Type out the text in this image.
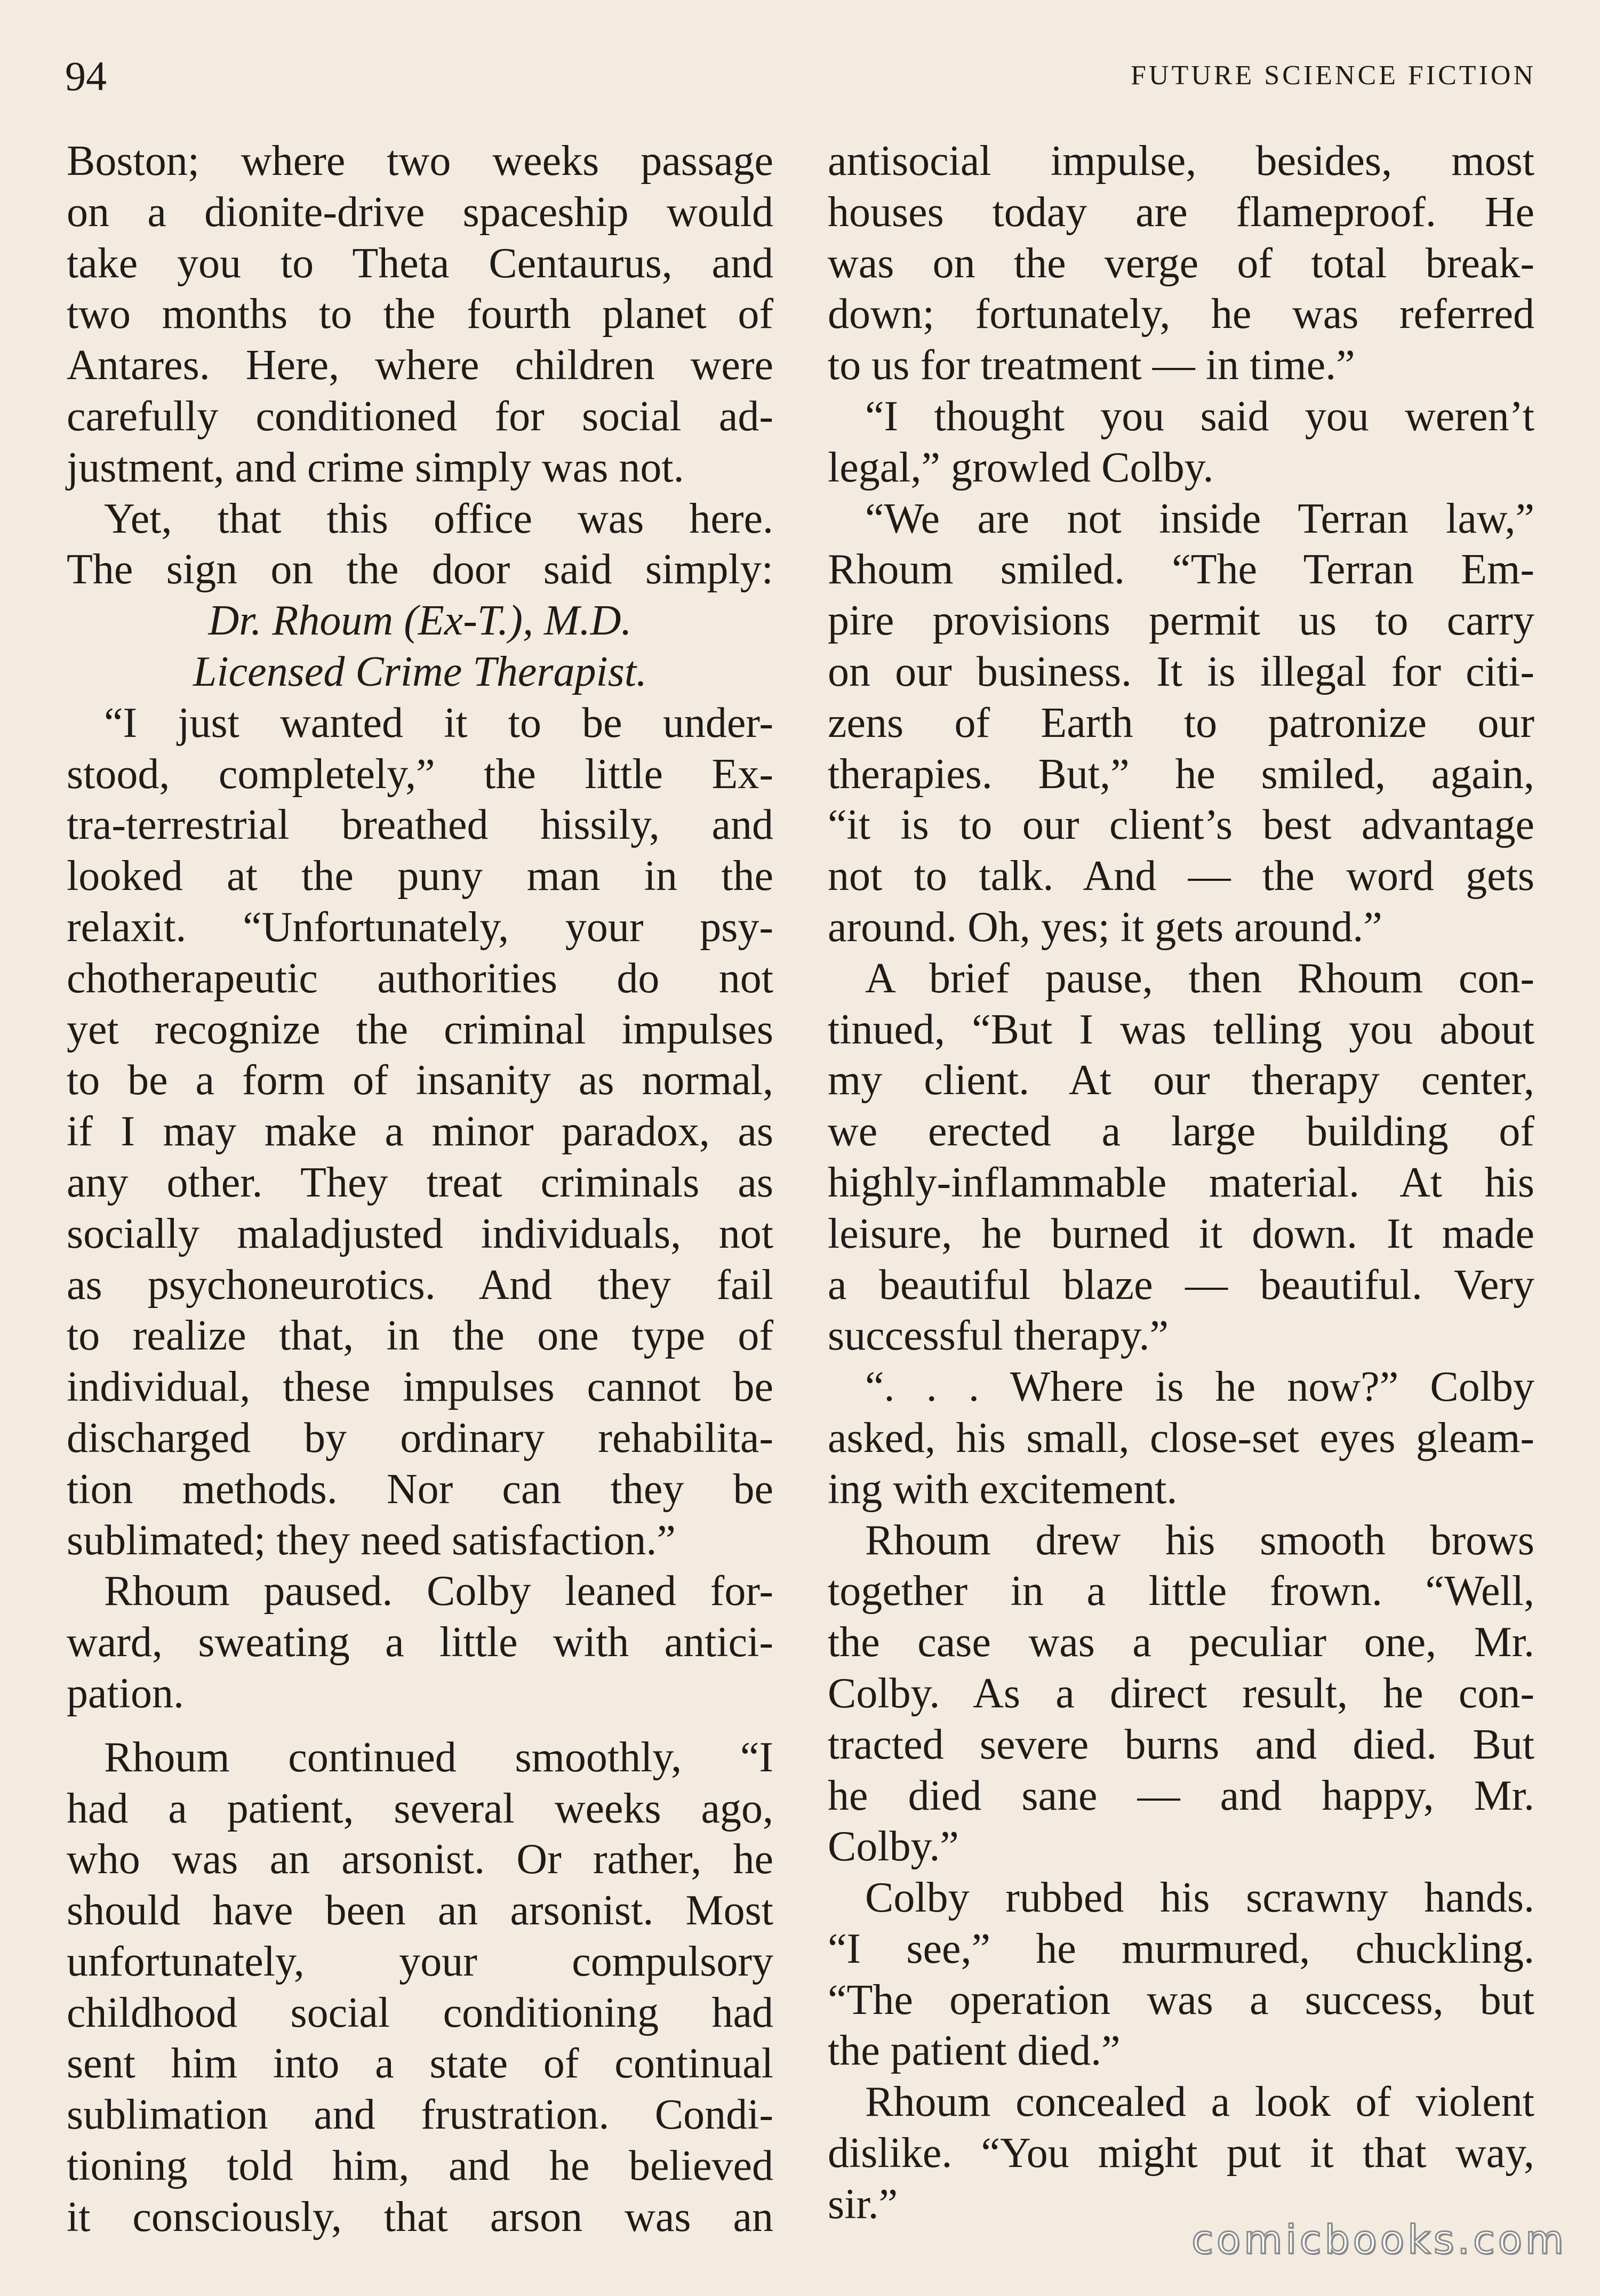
94	FUTURE SCIENCE FICTION
Boston; where two weeks passage
on a dionite-drive spaceship would
take you to Theta Centaurus, and
two months to the fourth planet of
Antares. Here, where children were
carefully conditioned for social ad-
justment, and crime simply was not.
Yet, that this office was here.
The sign on the door said simply:
Dr. Rhoum (Ex-T.), M.D.
Licensed Crime Therapist.
“I just wanted it to be under-
stood, completely,” the little Ex-
tra-terrestrial breathed hissily, and
looked at the puny man in the
relaxit. “Unfortunately, your psy-
chotherapeutic authorities do not
yet recognize the criminal impulses
to be a form of insanity as normal,
if I may make a minor paradox, as
any other. They treat criminals as
socially maladjusted individuals, not
as psychoneurotics. And they fail
to realize that, in the one type of
individual, these impulses cannot be
discharged by ordinary rehabilita-
tion methods. Nor can they be
sublimated; they need satisfaction.”
Rhoum paused. Colby leaned for-
ward, sweating a little with antici-
pation.
Rhoum continued smoothly, “I
had a patient, several weeks ago,
who was an arsonist. Or rather, he
should have been an arsonist. Most
unfortunately, your compulsory
childhood social conditioning had
sent him into a state of continual
sublimation and frustration. Condi-
tioning told him, and he believed
it consciously, that arson was an
antisocial impulse, besides, most
houses today are flameproof. He
was on the verge of total break-
down; fortunately, he was referred
to us for treatment — in time.”
“I thought you said you weren’t
legal,” growled Colby.
“We are not inside Terran law,”
Rhoum smiled. “The Terran Em-
pire provisions permit us to carry
on our business. It is illegal for citi-
zens of Earth to patronize our
therapies. But,” he smiled, again,
“it is to our client’s best advantage
not to talk. And — the word gets
around. Oh, yes; it gets around.”
A brief pause, then Rhoum con-
tinued, “But I was telling you about
my client. At our therapy center,
we erected a large building of
highly-inflammable material. At his
leisure, he burned it down. It made
a beautiful blaze — beautiful. Very
successful therapy.”
“. . . Where is he now?” Colby
asked, his small, close-set eyes gleam-
ing with excitement.
Rhoum drew his smooth brows
together in a little frown. “Well,
the case was a peculiar one, Mr.
Colby. As a direct result, he con-
tracted severe burns and died. But
he died sane — and happy, Mr.
Colby.”
Colby rubbed his scrawny hands.
“I see,” he murmured, chuckling.
“The operation was a success, but
the patient died.”
Rhoum concealed a look of violent
dislike. “You might put it that way,
sir.”
comicbooks.com
